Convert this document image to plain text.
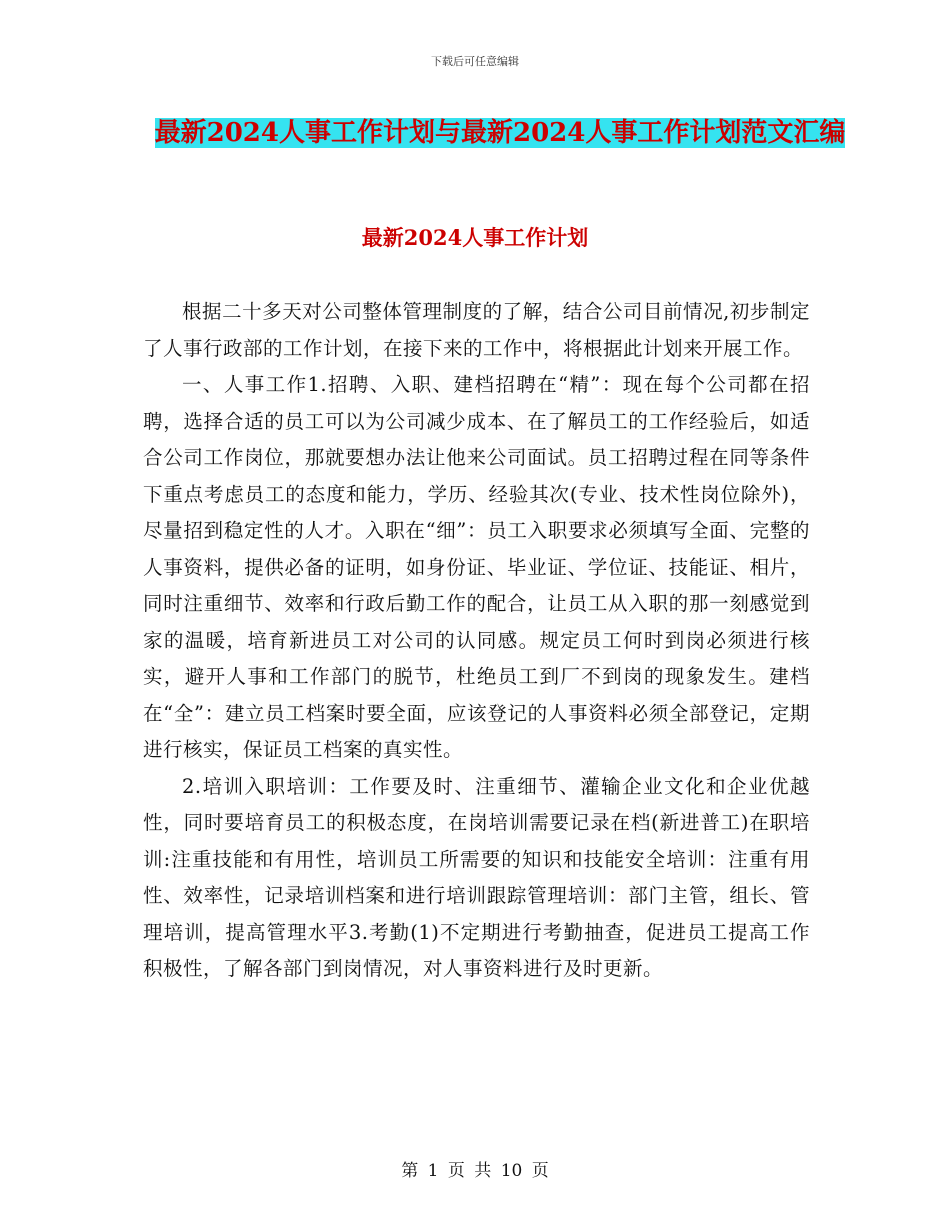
下载后可任意编辑
最新2024人事工作计划与最新2024人事工作计划范文汇编
最新2024人事工作计划

根据二十多天对公司整体管理制度的了解，结合公司目前情况,初步制定了人事行政部的工作计划，在接下来的工作中，将根据此计划来开展工作。

一、人事工作1.招聘、入职、建档招聘在“精”：现在每个公司都在招聘，选择合适的员工可以为公司减少成本、在了解员工的工作经验后，如适合公司工作岗位，那就要想办法让他来公司面试。员工招聘过程在同等条件下重点考虑员工的态度和能力，学历、经验其次(专业、技术性岗位除外)，尽量招到稳定性的人才。入职在“细”：员工入职要求必须填写全面、完整的人事资料，提供必备的证明，如身份证、毕业证、学位证、技能证、相片，同时注重细节、效率和行政后勤工作的配合，让员工从入职的那一刻感觉到家的温暖，培育新进员工对公司的认同感。规定员工何时到岗必须进行核实，避开人事和工作部门的脱节，杜绝员工到厂不到岗的现象发生。建档在“全”：建立员工档案时要全面，应该登记的人事资料必须全部登记，定期进行核实，保证员工档案的真实性。

2.培训入职培训：工作要及时、注重细节、灌输企业文化和企业优越性，同时要培育员工的积极态度，在岗培训需要记录在档(新进普工)在职培训:注重技能和有用性，培训员工所需要的知识和技能安全培训：注重有用性、效率性，记录培训档案和进行培训跟踪管理培训：部门主管，组长、管理培训，提高管理水平3.考勤(1)不定期进行考勤抽查，促进员工提高工作积极性，了解各部门到岗情况，对人事资料进行及时更新。

第 1 页 共 10 页
